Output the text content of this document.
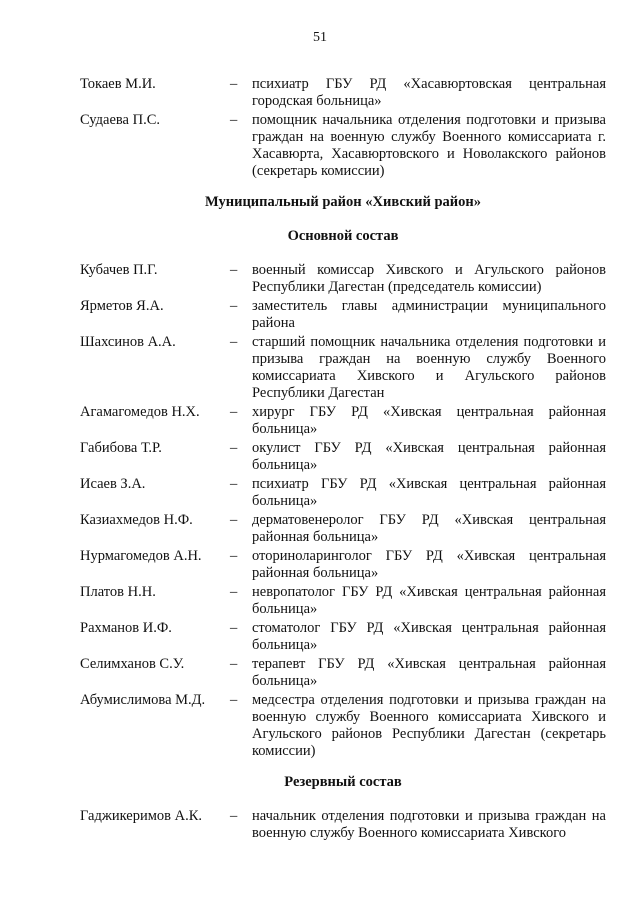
51
Токаев М.И.	–	психиатр ГБУ РД «Хасавюртовская центральная городская больница»
Судаева П.С.	–	помощник начальника отделения подготовки и призыва граждан на военную службу Военного комиссариата г. Хасавюрта, Хасавюртовского и Новолакского районов (секретарь комиссии)
Муниципальный район «Хивский район»
Основной состав
Кубачев П.Г.	–	военный комиссар Хивского и Агульского районов Республики Дагестан (председатель комиссии)
Ярметов Я.А.	–	заместитель главы администрации муниципального района
Шахсинов А.А.	–	старший помощник начальника отделения подготовки и призыва граждан на военную службу Военного комиссариата Хивского и Агульского районов Республики Дагестан
Агамагомедов Н.Х.	–	хирург ГБУ РД «Хивская центральная районная больница»
Габибова Т.Р.	–	окулист ГБУ РД «Хивская центральная районная больница»
Исаев З.А.	–	психиатр ГБУ РД «Хивская центральная районная больница»
Казиахмедов Н.Ф.	–	дерматовенеролог ГБУ РД «Хивская центральная районная больница»
Нурмагомедов А.Н.	–	оториноларинголог ГБУ РД «Хивская центральная районная больница»
Платов Н.Н.	–	невропатолог ГБУ РД «Хивская центральная районная больница»
Рахманов И.Ф.	–	стоматолог ГБУ РД «Хивская центральная районная больница»
Селимханов С.У.	–	терапевт ГБУ РД «Хивская центральная районная больница»
Абумислимова М.Д.	–	медсестра отделения подготовки и призыва граждан на военную службу Военного комиссариата Хивского и Агульского районов Республики Дагестан (секретарь комиссии)
Резервный состав
Гаджикеримов А.К.	–	начальник отделения подготовки и призыва граждан на военную службу Военного комиссариата Хивского
